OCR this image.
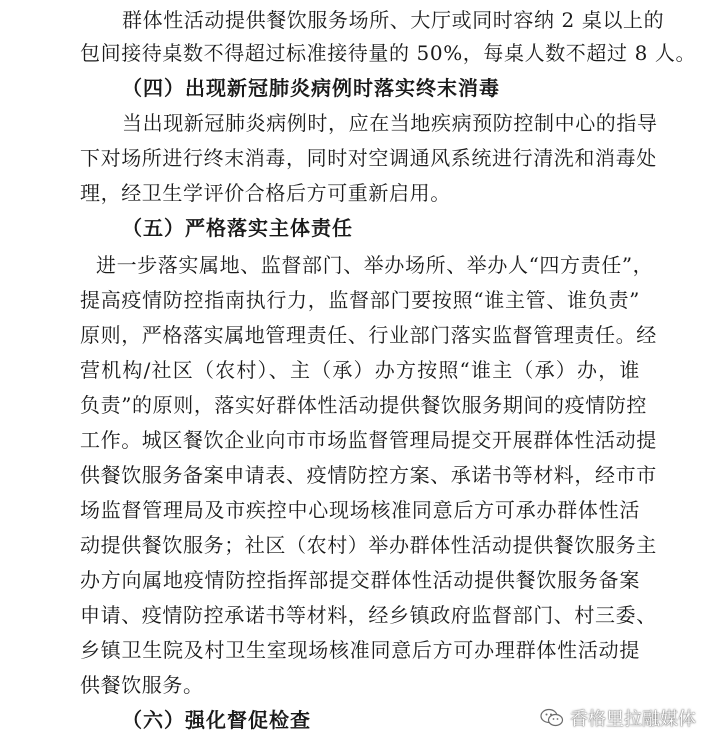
群体性活动提供餐饮服务场所、大厅或同时容纳 2 桌以上的
包间接待桌数不得超过标准接待量的 50%，每桌人数不超过 8 人。
（四）出现新冠肺炎病例时落实终末消毒
当出现新冠肺炎病例时，应在当地疾病预防控制中心的指导
下对场所进行终末消毒，同时对空调通风系统进行清洗和消毒处
理，经卫生学评价合格后方可重新启用。
（五）严格落实主体责任
进一步落实属地、监督部门、举办场所、举办人“四方责任”，
提高疫情防控指南执行力，监督部门要按照“谁主管、谁负责”
原则，严格落实属地管理责任、行业部门落实监督管理责任。经
营机构/社区（农村）、主（承）办方按照“谁主（承）办，谁
负责”的原则，落实好群体性活动提供餐饮服务期间的疫情防控
工作。城区餐饮企业向市市场监督管理局提交开展群体性活动提
供餐饮服务备案申请表、疫情防控方案、承诺书等材料，经市市
场监督管理局及市疾控中心现场核准同意后方可承办群体性活
动提供餐饮服务；社区（农村）举办群体性活动提供餐饮服务主
办方向属地疫情防控指挥部提交群体性活动提供餐饮服务备案
申请、疫情防控承诺书等材料，经乡镇政府监督部门、村三委、
乡镇卫生院及村卫生室现场核准同意后方可办理群体性活动提
供餐饮服务。
（六）强化督促检查	香格里拉融媒体
